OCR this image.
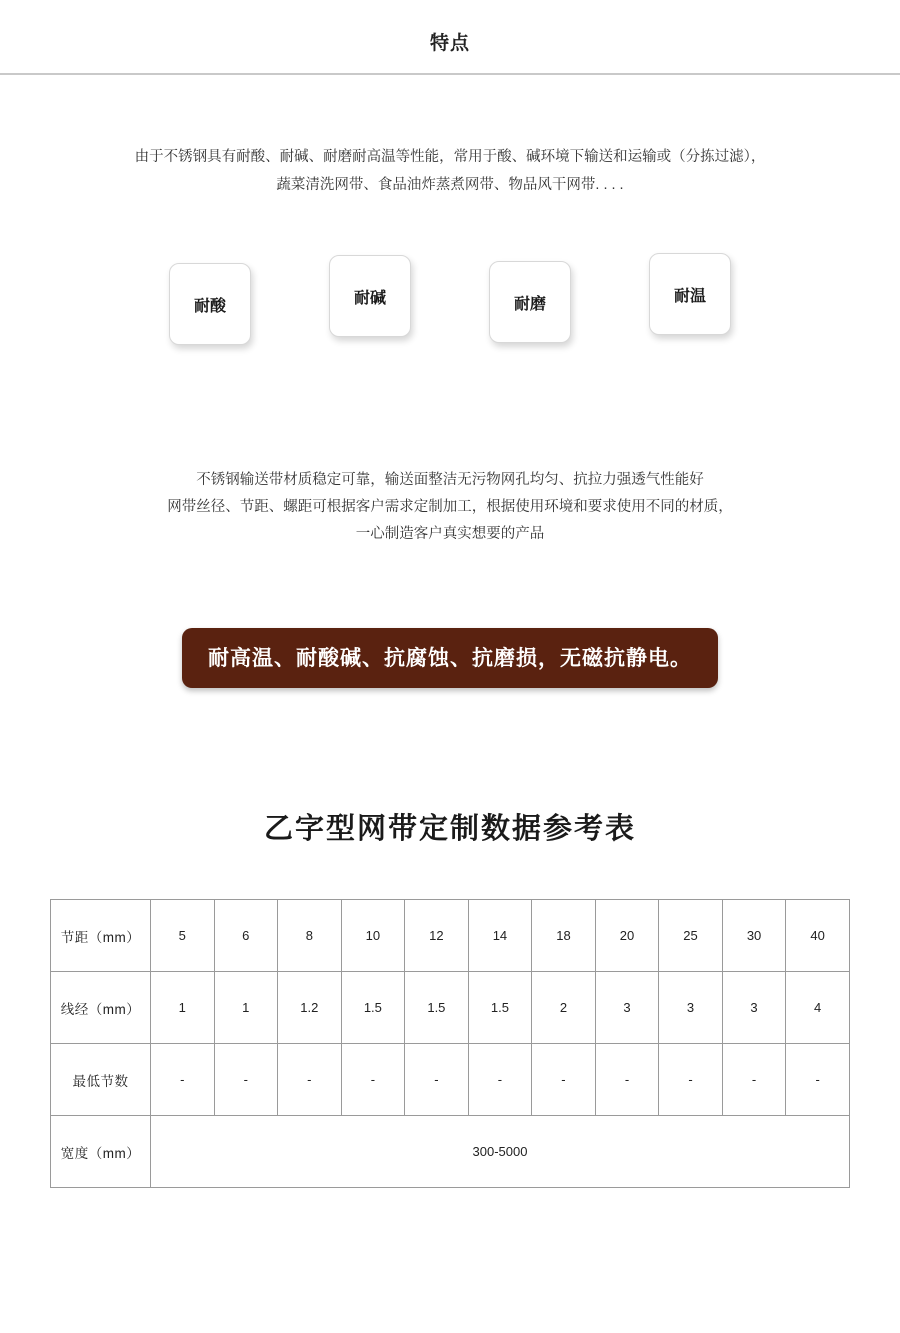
特点
由于不锈钢具有耐酸、耐碱、耐磨耐高温等性能，常用于酸、碱环境下输送和运输或（分拣过滤），
蔬菜清洗网带、食品油炸蒸煮网带、物品风干网带. . . .
耐酸	耐碱	耐磨	耐温
不锈钢输送带材质稳定可靠，输送面整洁无污物网孔均匀、抗拉力强透气性能好
网带丝径、节距、螺距可根据客户需求定制加工，根据使用环境和要求使用不同的材质，
一心制造客户真实想要的产品
耐高温、耐酸碱、抗腐蚀、抗磨损，无磁抗静电。
乙字型网带定制数据参考表
节距（mm）	5	6	8	10	12	14	18	20	25	30	40
线经（mm）	1	1	1.2	1.5	1.5	1.5	2	3	3	3	4
最低节数	-	-	-	-	-	-	-	-	-	-	-
宽度（mm）	300-5000										
